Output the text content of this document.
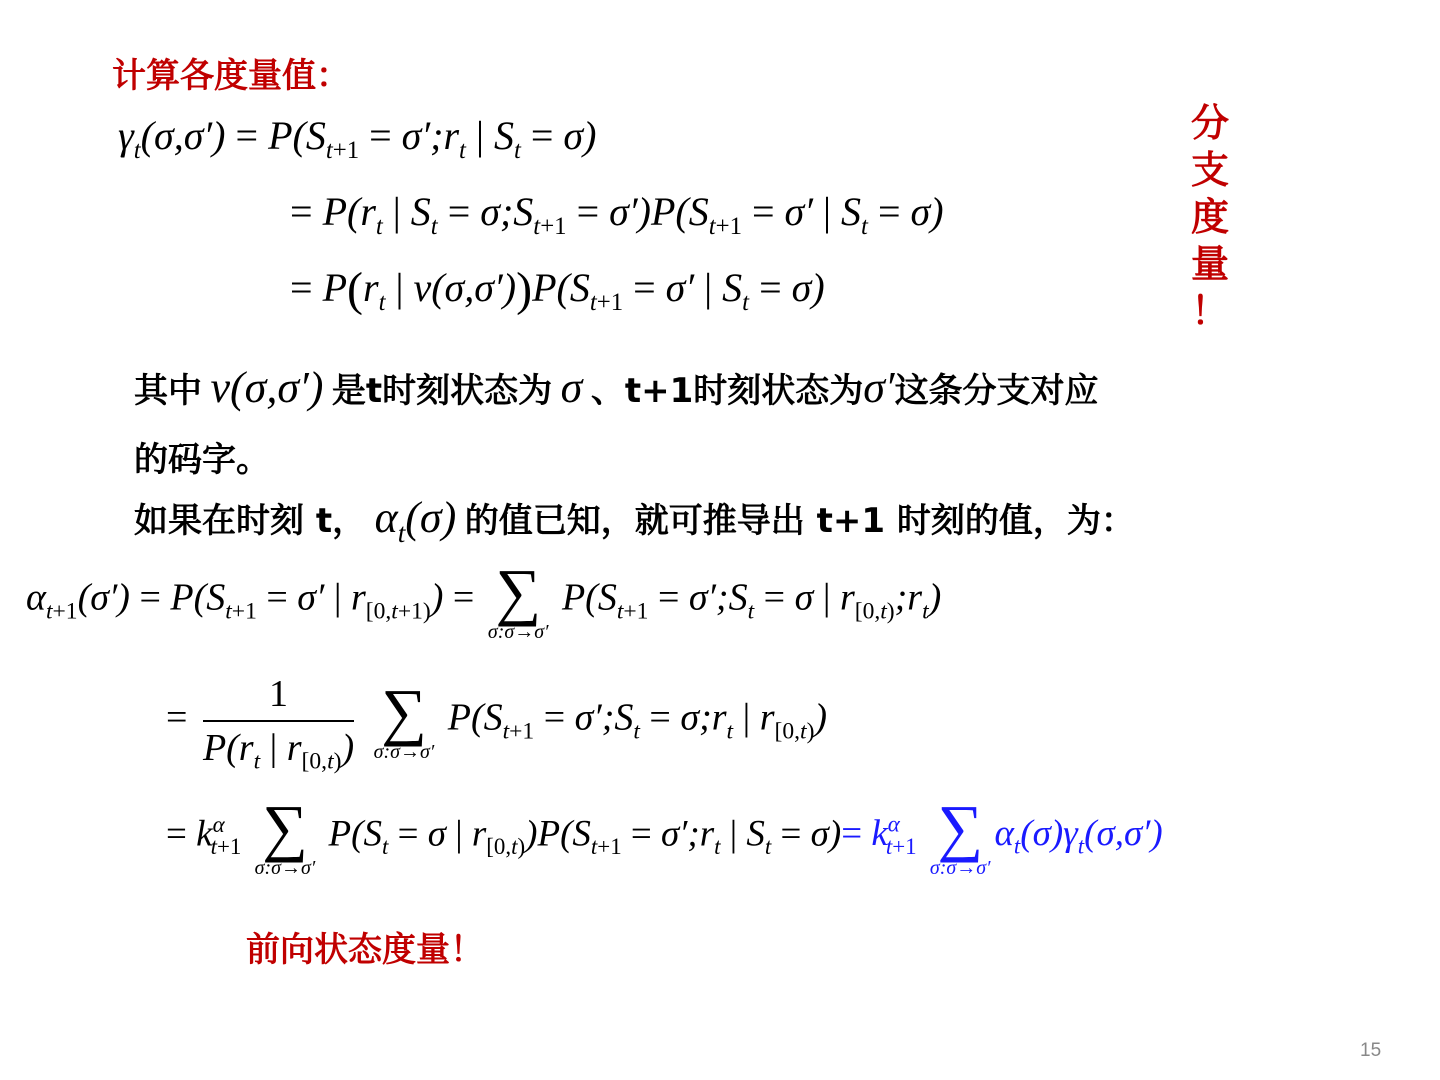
计算各度量值：
$\gamma_t(\sigma,\sigma') = P(S_{t+1}$ = $\sigma';r_t$ | $S_t = \sigma$)
= $P(r_t$ | $S_t$ = $\sigma;S_{t+1} = \sigma')P(S_{t+1} = \sigma'$ | $S_t = \sigma$)
= $P(r_t$ | $v(\sigma,\sigma'))P(S_{t+1} = \sigma'$ | $S_t = \sigma$)
分
支
度
量
！
其中 v(σ,σ′) 是t时刻状态为 σ 、t+1时刻状态为σ′这条分支对应
的码字。
如果在时刻 t， $\alpha_t(\sigma)$ 的值已知，就可推导出 t+1 时刻的值，为：
$\alpha_{t+1}(\sigma') = P(S_{t+1} = \sigma'$ | $r_{[0,t+1)}$) = ∑
σ:σ→σ′
$P(S_{t+1}$ = $\sigma';S_t = \sigma$ | $r_{[0,t)};r_t$)
= $\frac{1}{P(r_t | r_{[0,t)})}$
∑
σ:σ→σ′
$P(S_{t+1}$ = $\sigma';S_t$ = $\sigma;r_t$ | $r_{[0,t)}$)
= $k^\alpha_{t+1}$ ∑
σ:σ→σ′
$P(S_t = \sigma$ | $r_{[0,t)})P(S_{t+1}$ = $\sigma';r_t$ | $S_t = \sigma)= k^\alpha_{t+1}$ ∑
σ:σ→σ′
$\alpha_t(\sigma)\gamma_t(\sigma,\sigma')$
前向状态度量！
15
